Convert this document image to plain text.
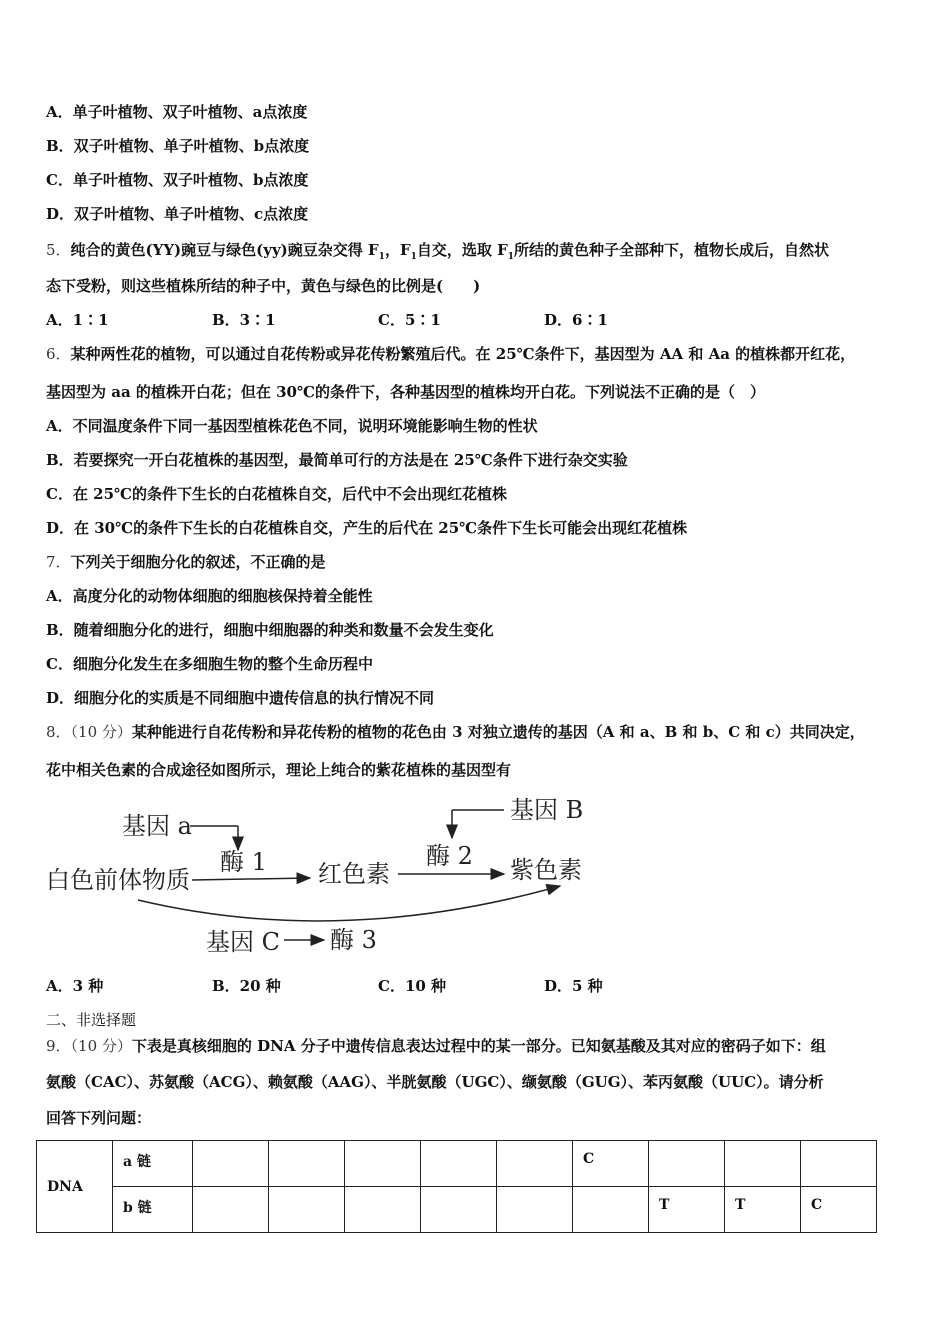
A．单子叶植物、双子叶植物、a点浓度
B．双子叶植物、单子叶植物、b点浓度
C．单子叶植物、双子叶植物、b点浓度
D．双子叶植物、单子叶植物、c点浓度
5．纯合的黄色(YY)豌豆与绿色(yy)豌豆杂交得 $F_1$，$F_1$自交，选取 $F_1$所结的黄色种子全部种下，植物长成后，自然状
态下受粉，则这些植株所结的种子中，黄色与绿色的比例是(　　)
A．1∶1	B．3∶1	C．5∶1	D．6∶1
6．某种两性花的植物，可以通过自花传粉或异花传粉繁殖后代。在 25℃条件下，基因型为 AA 和 Aa 的植株都开红花，
基因型为 aa 的植株开白花；但在 30℃的条件下，各种基因型的植株均开白花。下列说法不正确的是（　）
A．不同温度条件下同一基因型植株花色不同，说明环境能影响生物的性状
B．若要探究一开白花植株的基因型，最简单可行的方法是在 25℃条件下进行杂交实验
C．在 25℃的条件下生长的白花植株自交，后代中不会出现红花植株
D．在 30℃的条件下生长的白花植株自交，产生的后代在 25℃条件下生长可能会出现红花植株
7．下列关于细胞分化的叙述，不正确的是
A．高度分化的动物体细胞的细胞核保持着全能性
B．随着细胞分化的进行，细胞中细胞器的种类和数量不会发生变化
C．细胞分化发生在多细胞生物的整个生命历程中
D．细胞分化的实质是不同细胞中遗传信息的执行情况不同
8．（10 分）某种能进行自花传粉和异花传粉的植物的花色由 3 对独立遗传的基因（A 和 a、B 和 b、C 和 c）共同决定，
花中相关色素的合成途径如图所示，理论上纯合的紫花植株的基因型有
基因 a
基因 B
白色前体物质
酶 1 红色素
酶 2 紫色素
基因 C 酶 3
A．3 种	B．20 种	C．10 种	D．5 种
二、非选择题
9．（10 分）下表是真核细胞的 DNA 分子中遗传信息表达过程中的某一部分。已知氨基酸及其对应的密码子如下：组
氨酸（CAC）、苏氨酸（ACG）、赖氨酸（AAG）、半胱氨酸（UGC）、缬氨酸（GUG）、苯丙氨酸（UUC）。请分析
回答下列问题：
DNA	a 链						C			
	b 链							T	T	C
